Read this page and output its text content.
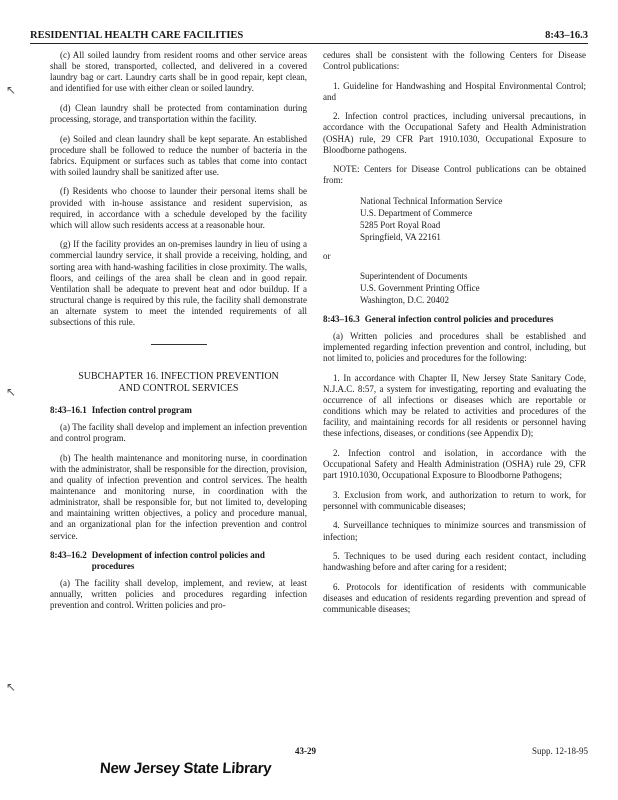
RESIDENTIAL HEALTH CARE FACILITIES	8:43–16.3
↖
↖
↖

(c) All soiled laundry from resident rooms and other service areas shall be stored, transported, collected, and delivered in a covered laundry bag or cart. Laundry carts shall be in good repair, kept clean, and identified for use with either clean or soiled laundry.

(d) Clean laundry shall be protected from contamination during processing, storage, and transportation within the facility.

(e) Soiled and clean laundry shall be kept separate. An established procedure shall be followed to reduce the number of bacteria in the fabrics. Equipment or surfaces such as tables that come into contact with soiled laundry shall be sanitized after use.

(f) Residents who choose to launder their personal items shall be provided with in-house assistance and resident supervision, as required, in accordance with a schedule developed by the facility which will allow such residents access at a reasonable hour.

(g) If the facility provides an on-premises laundry in lieu of using a commercial laundry service, it shall provide a receiving, holding, and sorting area with hand-washing facilities in close proximity. The walls, floors, and ceilings of the area shall be clean and in good repair. Ventilation shall be adequate to prevent heat and odor buildup. If a structural change is required by this rule, the facility shall demonstrate an alternate system to meet the intended requirements of all subsections of this rule.

SUBCHAPTER 16. INFECTION PREVENTION
AND CONTROL SERVICES
8:43–16.1 Infection control program

(a) The facility shall develop and implement an infection prevention and control program.

(b) The health maintenance and monitoring nurse, in coordination with the administrator, shall be responsible for the direction, provision, and quality of infection prevention and control services. The health maintenance and monitoring nurse, in coordination with the administrator, shall be responsible for, but not limited to, developing and maintaining written objectives, a policy and procedure manual, and an organizational plan for the infection prevention and control service.

8:43–16.2 Development of infection control policies and procedures

(a) The facility shall develop, implement, and review, at least annually, written policies and procedures regarding infection prevention and control. Written policies and pro-

cedures shall be consistent with the following Centers for Disease Control publications:

1. Guideline for Handwashing and Hospital Environmental Control; and

2. Infection control practices, including universal precautions, in accordance with the Occupational Safety and Health Administration (OSHA) rule, 29 CFR Part 1910.1030, Occupational Exposure to Bloodborne pathogens.

NOTE: Centers for Disease Control publications can be obtained from:

National Technical Information Service
U.S. Department of Commerce
5285 Port Royal Road
Springfield, VA 22161
or
Superintendent of Documents
U.S. Government Printing Office
Washington, D.C. 20402
8:43–16.3 General infection control policies and procedures

(a) Written policies and procedures shall be established and implemented regarding infection prevention and control, including, but not limited to, policies and procedures for the following:

1. In accordance with Chapter II, New Jersey State Sanitary Code, N.J.A.C. 8:57, a system for investigating, reporting and evaluating the occurrence of all infections or diseases which are reportable or conditions which may be related to activities and procedures of the facility, and maintaining records for all residents or personnel having these infections, diseases, or conditions (see Appendix D);

2. Infection control and isolation, in accordance with the Occupational Safety and Health Administration (OSHA) rule 29, CFR part 1910.1030, Occupational Exposure to Bloodborne Pathogens;

3. Exclusion from work, and authorization to return to work, for personnel with communicable diseases;

4. Surveillance techniques to minimize sources and transmission of infection;

5. Techniques to be used during each resident contact, including handwashing before and after caring for a resident;

6. Protocols for identification of residents with communicable diseases and education of residents regarding prevention and spread of communicable diseases;

43-29	Supp. 12-18-95
New Jersey State Library
